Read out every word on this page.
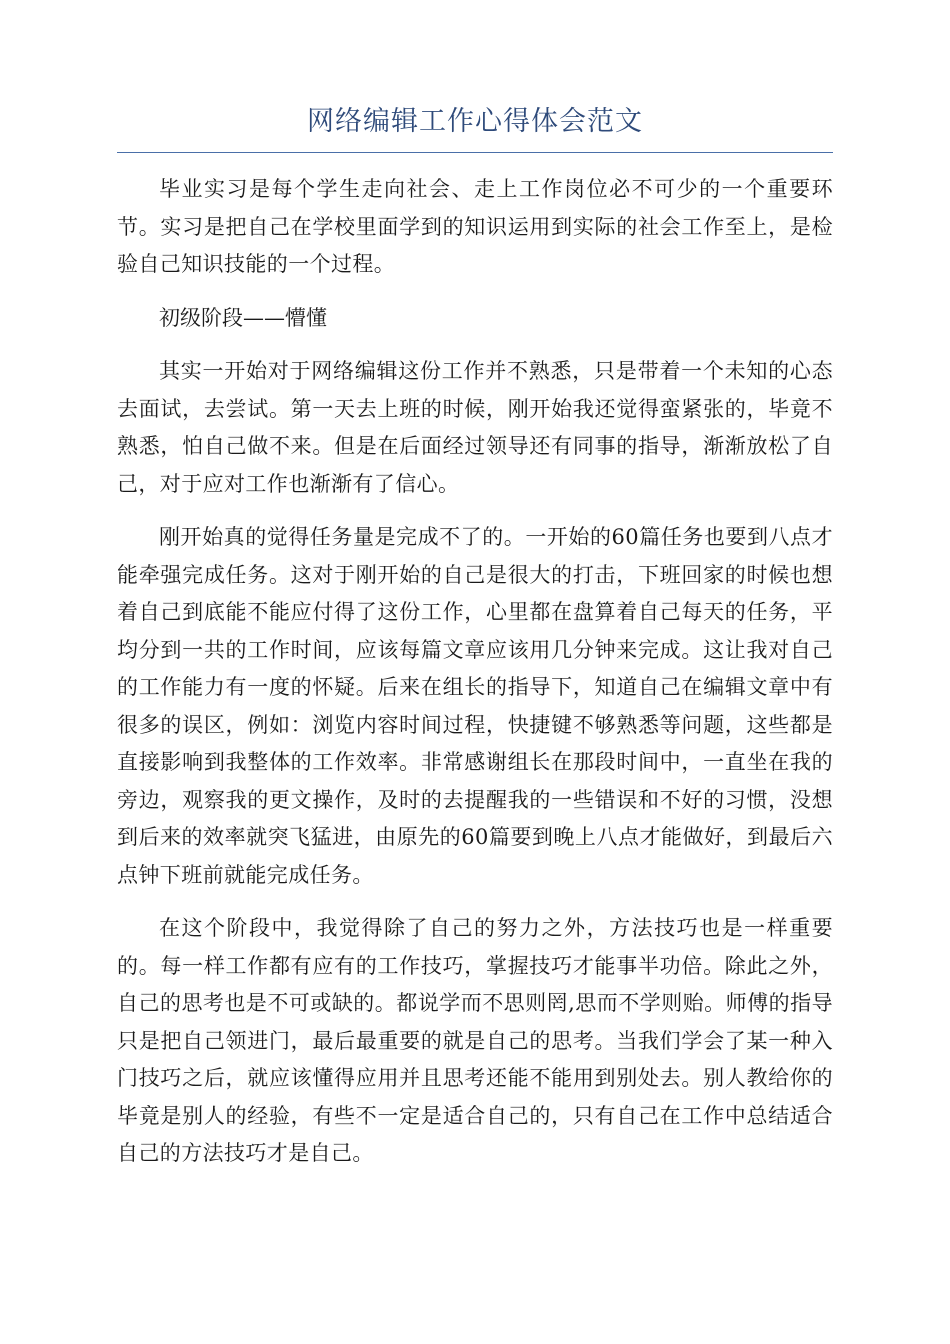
网络编辑工作心得体会范文

毕业实习是每个学生走向社会、走上工作岗位必不可少的一个重要环节。实习是把自己在学校里面学到的知识运用到实际的社会工作至上，是检验自己知识技能的一个过程。

初级阶段——懵懂

其实一开始对于网络编辑这份工作并不熟悉，只是带着一个未知的心态去面试，去尝试。第一天去上班的时候，刚开始我还觉得蛮紧张的，毕竟不熟悉，怕自己做不来。但是在后面经过领导还有同事的指导，渐渐放松了自己，对于应对工作也渐渐有了信心。

刚开始真的觉得任务量是完成不了的。一开始的60篇任务也要到八点才能牵强完成任务。这对于刚开始的自己是很大的打击，下班回家的时候也想着自己到底能不能应付得了这份工作，心里都在盘算着自己每天的任务，平均分到一共的工作时间，应该每篇文章应该用几分钟来完成。这让我对自己的工作能力有一度的怀疑。后来在组长的指导下，知道自己在编辑文章中有很多的误区，例如：浏览内容时间过程，快捷键不够熟悉等问题，这些都是直接影响到我整体的工作效率。非常感谢组长在那段时间中，一直坐在我的旁边，观察我的更文操作，及时的去提醒我的一些错误和不好的习惯，没想到后来的效率就突飞猛进，由原先的60篇要到晚上八点才能做好，到最后六点钟下班前就能完成任务。

在这个阶段中，我觉得除了自己的努力之外，方法技巧也是一样重要的。每一样工作都有应有的工作技巧，掌握技巧才能事半功倍。除此之外，自己的思考也是不可或缺的。都说学而不思则罔,思而不学则贻。师傅的指导只是把自己领进门，最后最重要的就是自己的思考。当我们学会了某一种入门技巧之后，就应该懂得应用并且思考还能不能用到别处去。别人教给你的毕竟是别人的经验，有些不一定是适合自己的，只有自己在工作中总结适合自己的方法技巧才是自己。
